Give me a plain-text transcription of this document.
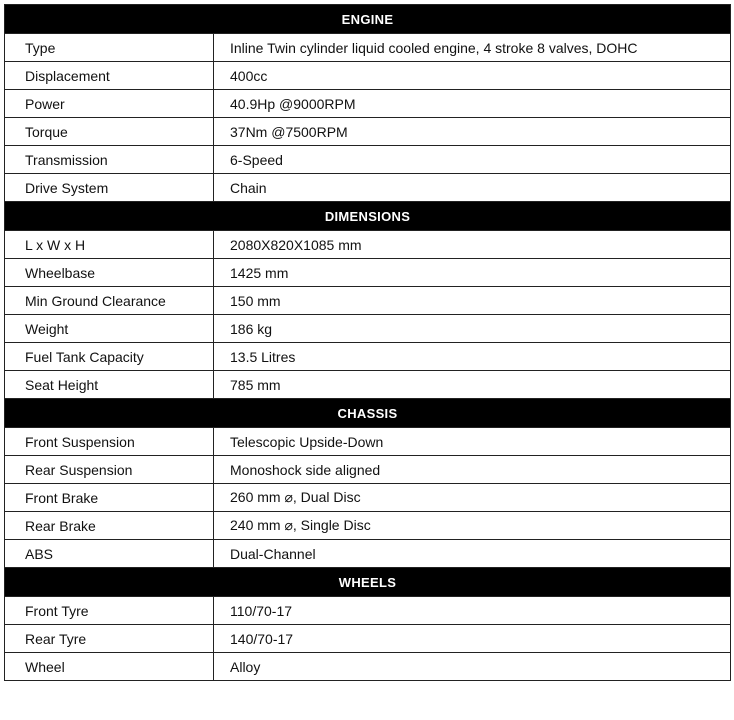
ENGINE	
Type	Inline Twin cylinder liquid cooled engine, 4 stroke 8 valves, DOHC
Displacement	400cc
Power	40.9Hp @9000RPM
Torque	37Nm @7500RPM
Transmission	6-Speed
Drive System	Chain
DIMENSIONS	
L x W x H	2080X820X1085 mm
Wheelbase	1425 mm
Min Ground Clearance	150 mm
Weight	186 kg
Fuel Tank Capacity	13.5 Litres
Seat Height	785 mm
CHASSIS	
Front Suspension	Telescopic Upside-Down
Rear Suspension	Monoshock side aligned
Front Brake	260 mm ⌀, Dual Disc
Rear Brake	240 mm ⌀, Single Disc
ABS	Dual-Channel
WHEELS	
Front Tyre	110/70-17
Rear Tyre	140/70-17
Wheel	Alloy
